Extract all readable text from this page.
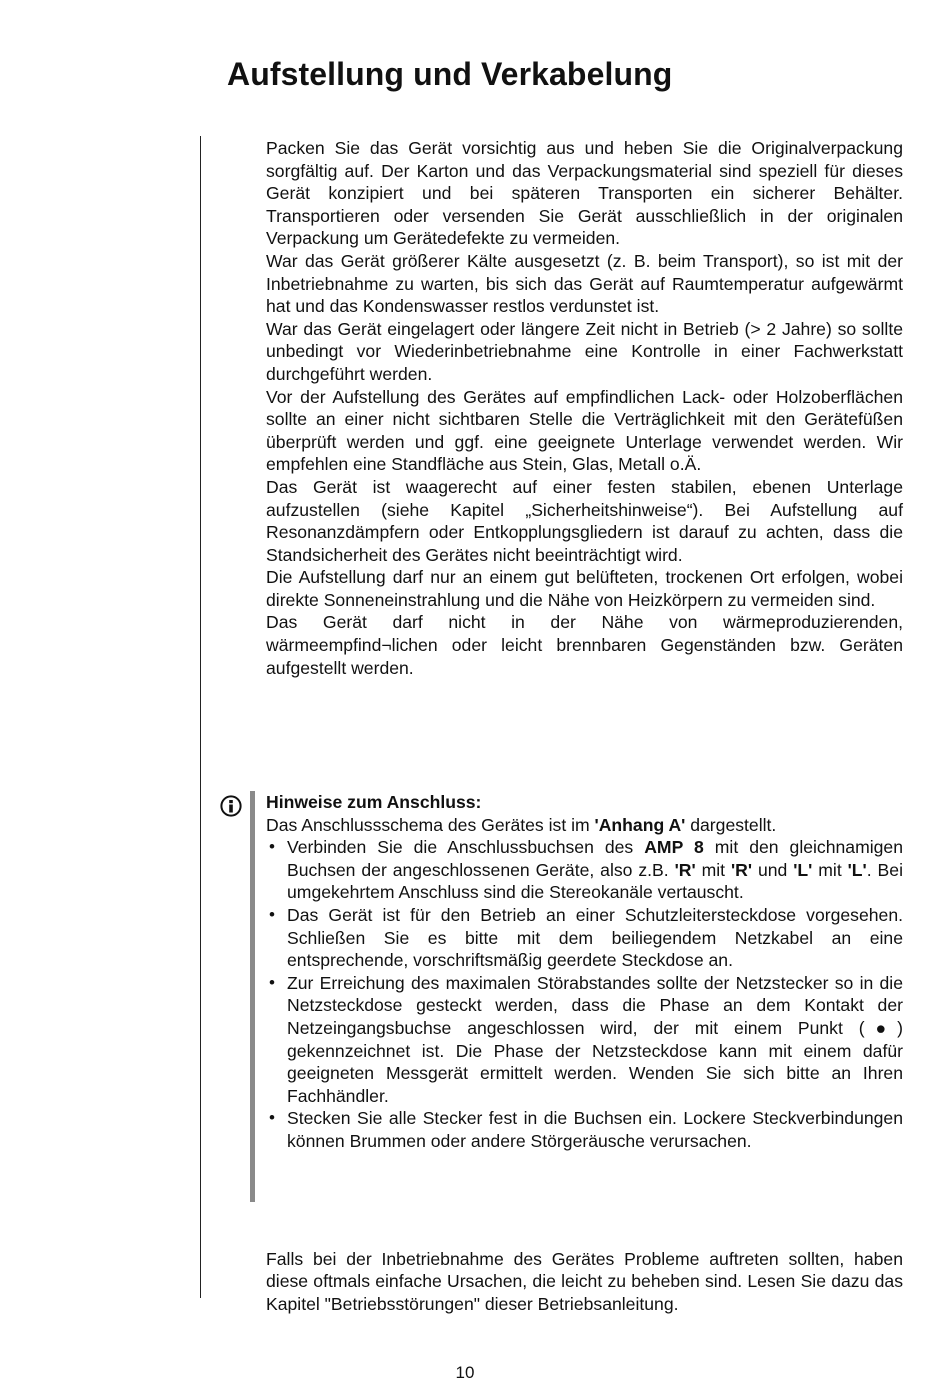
Aufstellung und Verkabelung

Packen Sie das Gerät vorsichtig aus und heben Sie die Originalverpackung sorgfältig auf. Der Karton und das Verpackungsmaterial sind speziell für dieses Gerät konzipiert und bei späteren Transporten ein sicherer Behälter. Transportieren oder versenden Sie Gerät ausschließlich in der originalen Verpackung um Gerätedefekte zu vermeiden.

War das Gerät größerer Kälte ausgesetzt (z. B. beim Transport), so ist mit der Inbetriebnahme zu warten, bis sich das Gerät auf Raumtemperatur aufgewärmt hat und das Kondenswasser restlos verdunstet ist.

War das Gerät eingelagert oder längere Zeit nicht in Betrieb (> 2 Jahre) so sollte unbedingt vor Wiederinbetriebnahme eine Kontrolle in einer Fachwerkstatt durchgeführt werden.

Vor der Aufstellung des Gerätes auf empfindlichen Lack- oder Holzoberflächen sollte an einer nicht sichtbaren Stelle die Verträglichkeit mit den Gerätefüßen überprüft werden und ggf. eine geeignete Unterlage verwendet werden. Wir empfehlen eine Standfläche aus Stein, Glas, Metall o.Ä.

Das Gerät ist waagerecht auf einer festen stabilen, ebenen Unterlage aufzustellen (siehe Kapitel „Sicherheitshinweise“). Bei Aufstellung auf Resonanzdämpfern oder Entkopplungsgliedern ist darauf zu achten, dass die Standsicherheit des Gerätes nicht beeinträchtigt wird.

Die Aufstellung darf nur an einem gut belüfteten, trockenen Ort erfolgen, wobei direkte Sonneneinstrahlung und die Nähe von Heizkörpern zu vermeiden sind.

Das Gerät darf nicht in der Nähe von wärmeproduzierenden, wärmeempfind¬lichen oder leicht brennbaren Gegenständen bzw. Geräten aufgestellt werden.

Hinweise zum Anschluss:

Das Anschlussschema des Gerätes ist im 'Anhang A' dargestellt.

• Verbinden Sie die Anschlussbuchsen des AMP 8 mit den gleichnamigen Buchsen der angeschlossenen Geräte, also z.B. 'R' mit 'R' und 'L' mit 'L'. Bei umgekehrtem Anschluss sind die Stereokanäle vertauscht.
• Das Gerät ist für den Betrieb an einer Schutzleitersteckdose vorgesehen. Schließen Sie es bitte mit dem beiliegendem Netzkabel an eine entsprechende, vorschriftsmäßig geerdete Steckdose an.
• Zur Erreichung des maximalen Störabstandes sollte der Netzstecker so in die Netzsteckdose gesteckt werden, dass die Phase an dem Kontakt der Netzeingangsbuchse angeschlossen wird, der mit einem Punkt (●) gekennzeichnet ist. Die Phase der Netzsteckdose kann mit einem dafür geeigneten Messgerät ermittelt werden. Wenden Sie sich bitte an Ihren Fachhändler.
• Stecken Sie alle Stecker fest in die Buchsen ein. Lockere Steckverbindungen können Brummen oder andere Störgeräusche verursachen.

Falls bei der Inbetriebnahme des Gerätes Probleme auftreten sollten, haben diese oftmals einfache Ursachen, die leicht zu beheben sind. Lesen Sie dazu das Kapitel "Betriebsstörungen" dieser Betriebsanleitung.

10
